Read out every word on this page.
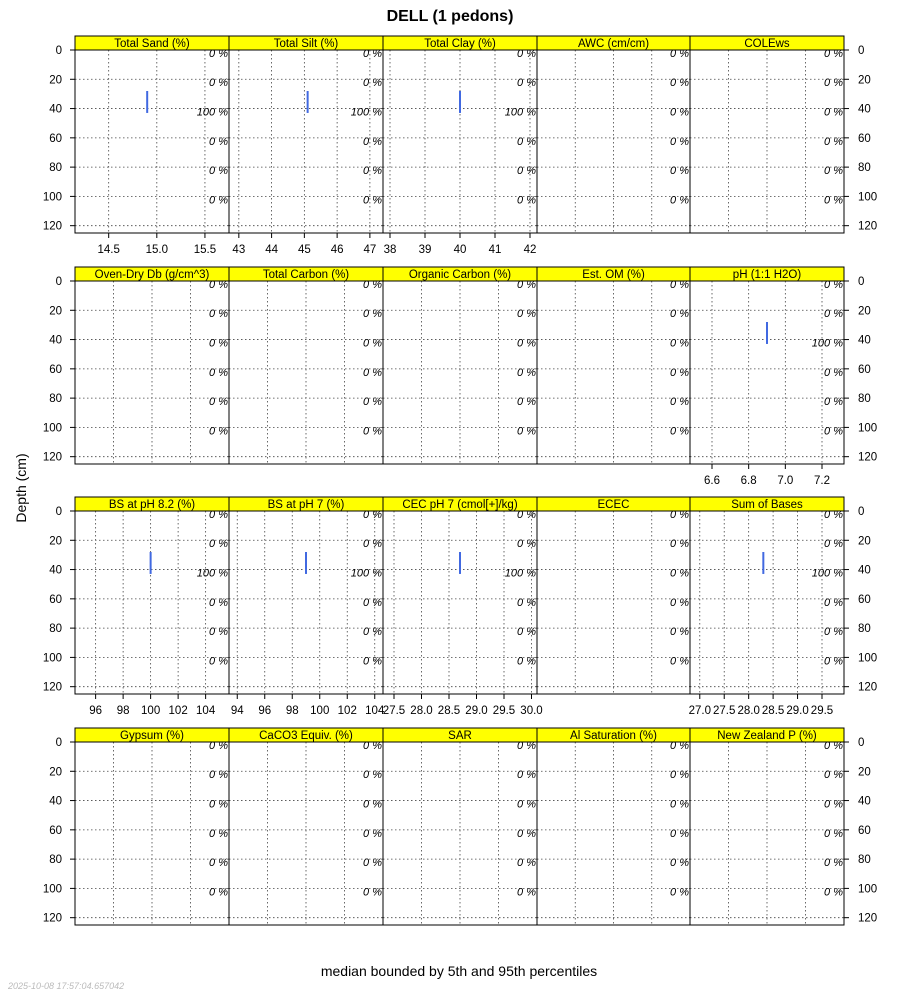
DELL (1 pedons)
Depth (cm)
median bounded by 5th and 95th percentiles
2025-10-08 17:57:04.657042
Total Sand (%)
0 %
0 %
100 %
0 %
0 %
0 %
14.5 15.0 15.5
0
20
40
60
80
100
120
Total Silt (%)
0 %
0 %
100 %
0 %
0 %
0 %
43 44 45 46 47
Total Clay (%)
0 %
0 %
100 %
0 %
0 %
0 %
38 39 40 41 42
AWC (cm/cm)
0 %
0 %
0 %
0 %
0 %
0 %
COLEws
0 %
0 %
0 %
0 %
0 %
0 %
0
20
40
60
80
100
120
Oven-Dry Db (g/cm^3)
0 %
0 %
0 %
0 %
0 %
0 %
0
20
40
60
80
100
120
Total Carbon (%)
0 %
0 %
0 %
0 %
0 %
0 %
Organic Carbon (%)
0 %
0 %
0 %
0 %
0 %
0 %
Est. OM (%)
0 %
0 %
0 %
0 %
0 %
0 %
pH (1:1 H2O)
0 %
0 %
100 %
0 %
0 %
0 %
6.6 6.8 7.0 7.2
0
20
40
60
80
100
120
BS at pH 8.2 (%)
0 %
0 %
100 %
0 %
0 %
0 %
96 98 100 102 104
0
20
40
60
80
100
120
BS at pH 7 (%)
0 %
0 %
100 %
0 %
0 %
0 %
94 96 98 100 102 104
CEC pH 7 (cmol[+]/kg)
0 %
0 %
100 %
0 %
0 %
0 %
27.5 28.0 28.5 29.0 29.5 30.0
ECEC
0 %
0 %
0 %
0 %
0 %
0 %
Sum of Bases
0 %
0 %
100 %
0 %
0 %
0 %
27.0 27.5 28.0 28.5 29.0 29.5
0
20
40
60
80
100
120
Gypsum (%)
0 %
0 %
0 %
0 %
0 %
0 %
0
20
40
60
80
100
120
CaCO3 Equiv. (%)
0 %
0 %
0 %
0 %
0 %
0 %
SAR
0 %
0 %
0 %
0 %
0 %
0 %
Al Saturation (%)
0 %
0 %
0 %
0 %
0 %
0 %
New Zealand P (%)
0 %
0 %
0 %
0 %
0 %
0 %
0
20
40
60
80
100
120
